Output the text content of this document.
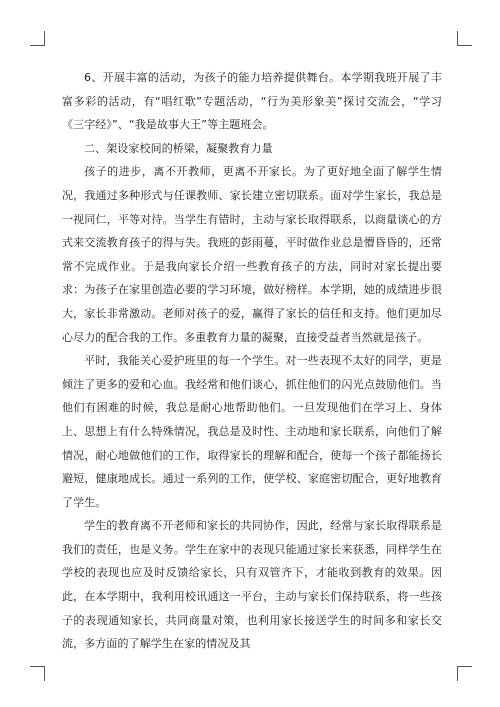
6、开展丰富的活动，为孩子的能力培养提供舞台。本学期我班开展了丰富多彩的活动，有“唱红歌”专题活动，“行为美形象美”探讨交流会，“学习《三字经》”、“我是故事大王”等主题班会。

二、架设家校间的桥梁，凝聚教育力量

孩子的进步，离不开教师，更离不开家长。为了更好地全面了解学生情况，我通过多种形式与任课教师、家长建立密切联系。面对学生家长，我总是一视同仁，平等对待。当学生有错时，主动与家长取得联系，以商量谈心的方式来交流教育孩子的得与失。我班的彭雨蔓，平时做作业总是懵昏昏的，还常常不完成作业。于是我向家长介绍一些教育孩子的方法，同时对家长提出要求：为孩子在家里创造必要的学习环境，做好榜样。本学期，她的成绩进步很大，家长非常激动。老师对孩子的爱，赢得了家长的信任和支持。他们更加尽心尽力的配合我的工作。多重教育力量的凝聚，直接受益者当然就是孩子。

平时，我能关心爱护班里的每一个学生。对一些表现不太好的同学，更是倾注了更多的爱和心血。我经常和他们谈心，抓住他们的闪光点鼓励他们。当他们有困难的时候，我总是耐心地帮助他们。一旦发现他们在学习上、身体上、思想上有什么特殊情况，我总是及时性、主动地和家长联系，向他们了解情况，耐心地做他们的工作，取得家长的理解和配合，使每一个孩子都能扬长避短，健康地成长。通过一系列的工作，使学校、家庭密切配合，更好地教育了学生。

学生的教育离不开老师和家长的共同协作，因此，经常与家长取得联系是我们的责任，也是义务。学生在家中的表现只能通过家长来获悉，同样学生在学校的表现也应及时反馈给家长，只有双管齐下，才能收到教育的效果。因此，在本学期中，我利用校讯通这一平台，主动与家长们保持联系，将一些孩子的表现通知家长，共同商量对策，也利用家长接送学生的时间多和家长交流，多方面的了解学生在家的情况及其
